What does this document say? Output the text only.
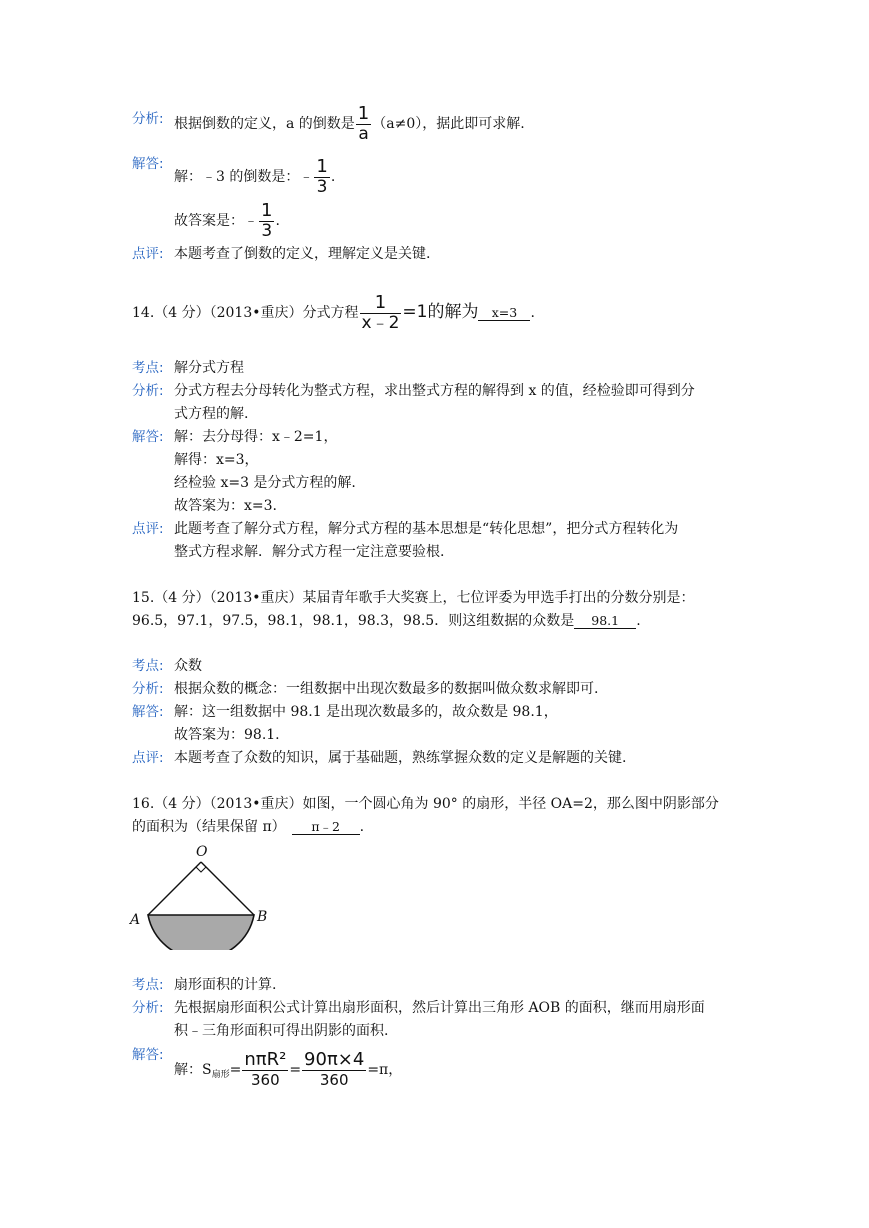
分析: 根据倒数的定义，a 的倒数是 $\frac{1}{a} (a\ne 0)$，据此即可求解.
解答:
解：﹣3 的倒数是：﹣ $\frac{1}{3}$ .
故答案是：﹣ $\frac{1}{3}$ .
点评: 本题考查了倒数的定义，理解定义是关键.
14.（4 分）（2013•重庆）分式方程 $\frac{1}{x﹣2} =1$的解为 x=3 .
考点: 解分式方程
分析: 分式方程去分母转化为整式方程，求出整式方程的解得到 x 的值，经检验即可得到分
式方程的解.
解答: 解：去分母得：x﹣2=1，
解得：x=3，
经检验 x=3 是分式方程的解.
故答案为：x=3.
点评: 此题考查了解分式方程，解分式方程的基本思想是“转化思想”，把分式方程转化为
整式方程求解．解分式方程一定注意要验根.
15.（4 分）（2013•重庆）某届青年歌手大奖赛上，七位评委为甲选手打出的分数分别是：
96.5，97.1，97.5，98.1，98.1，98.3，98.5．则这组数据的众数是 98.1 .
考点: 众数
分析: 根据众数的概念：一组数据中出现次数最多的数据叫做众数求解即可.
解答: 解：这一组数据中 98.1 是出现次数最多的，故众数是 98.1，
故答案为：98.1.
点评: 本题考查了众数的知识，属于基础题，熟练掌握众数的定义是解题的关键.
16.（4 分）（2013•重庆）如图，一个圆心角为 90° 的扇形，半径 OA=2，那么图中阴影部分
的面积为（结果保留 π） π﹣2 .
O
A	B
考点: 扇形面积的计算.
分析: 先根据扇形面积公式计算出扇形面积，然后计算出三角形 AOB 的面积，继而用扇形面
积﹣三角形面积可得出阴影的面积.
解答:
解：$S_{扇形}= \frac{\text{nπR²}}{360} = \frac{90\pi\times 4}{360} =\pi$，
